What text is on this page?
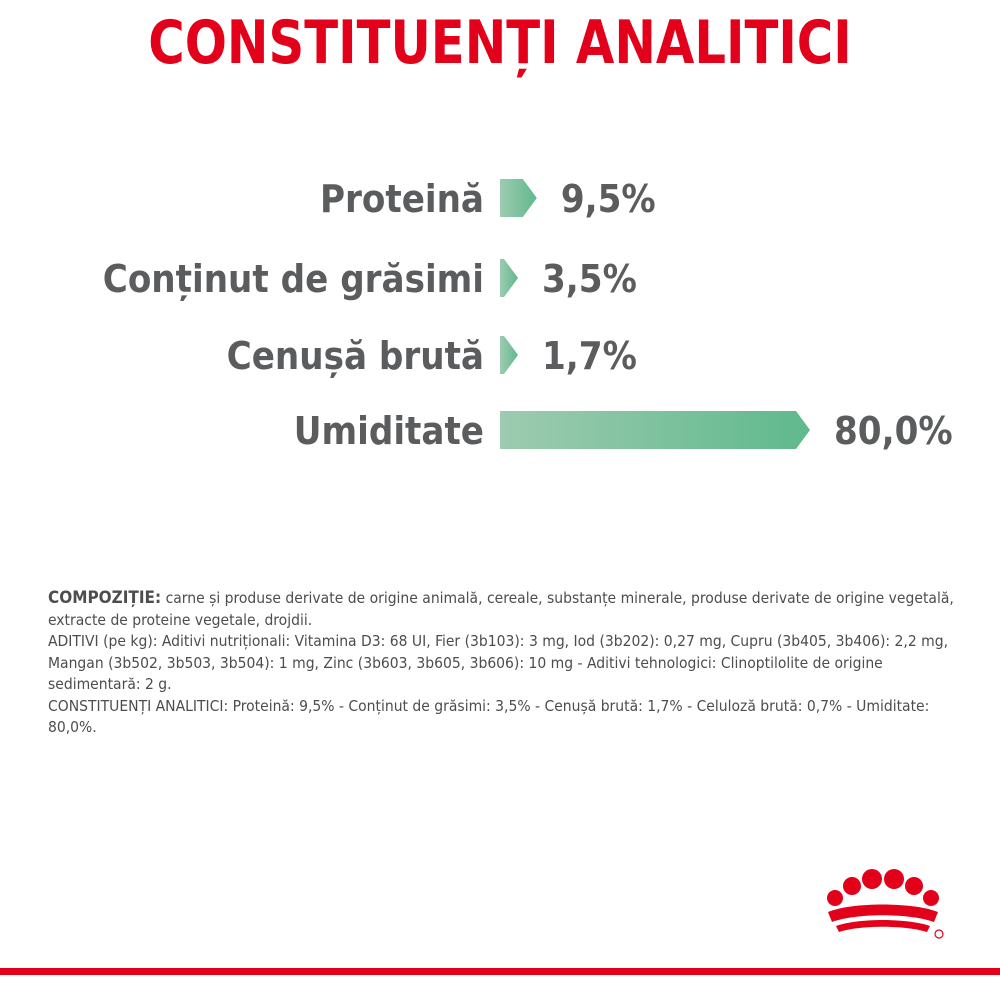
CONSTITUENȚI ANALITICI
Proteină 9,5%
Conținut de grăsimi 3,5%
Cenușă brută 1,7%
Umiditate	80,0%

COMPOZIȚIE: carne și produse derivate de origine animală, cereale, substanțe minerale, produse derivate de origine vegetală, extracte de proteine vegetale, drojdii.

ADITIVI (pe kg): Aditivi nutriționali: Vitamina D3: 68 UI, Fier (3b103): 3 mg, Iod (3b202): 0,27 mg, Cupru (3b405, 3b406): 2,2 mg, Mangan (3b502, 3b503, 3b504): 1 mg, Zinc (3b603, 3b605, 3b606): 10 mg - Aditivi tehnologici: Clinoptilolite de origine sedimentară: 2 g.

CONSTITUENȚI ANALITICI: Proteină: 9,5% - Conținut de grăsimi: 3,5% - Cenușă brută: 1,7% - Celuloză brută: 0,7% - Umiditate: 80,0%.
